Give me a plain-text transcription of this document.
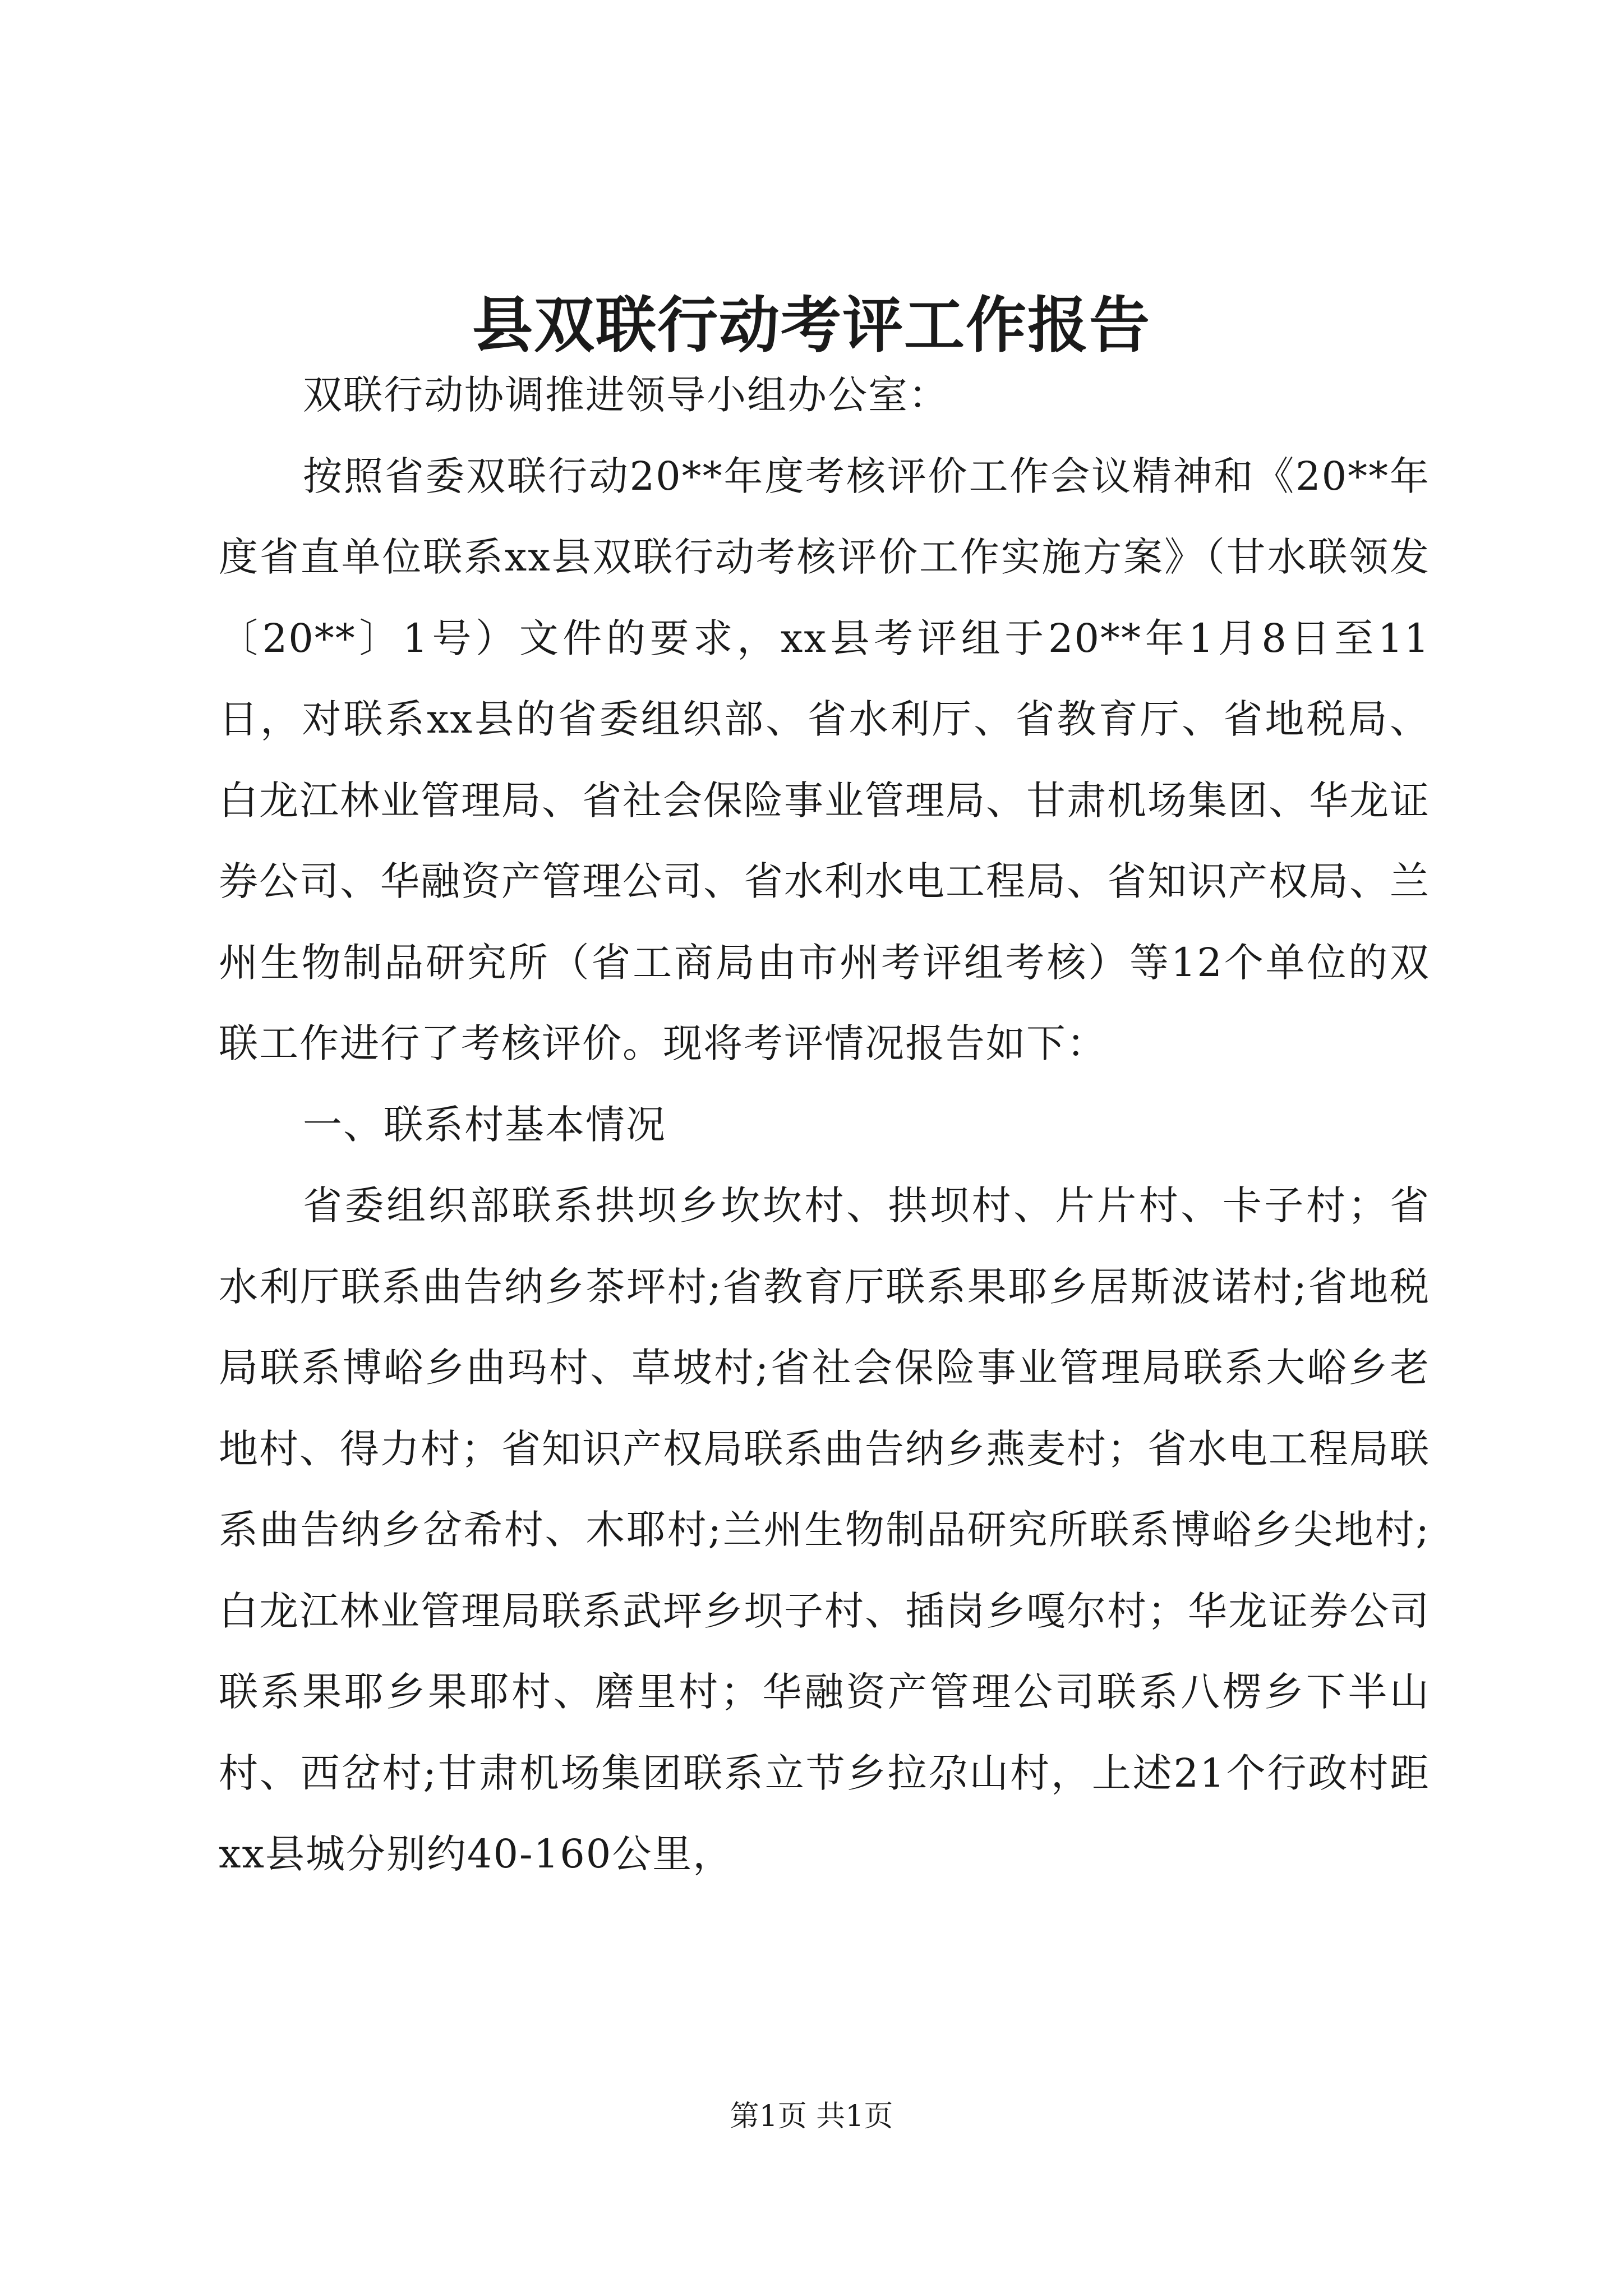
县双联行动考评工作报告

双联行动协调推进领导小组办公室：

按照省委双联行动20**年度考核评价工作会议精神和《20**年度省直单位联系xx县双联行动考核评价工作实施方案》（甘水联领发〔20**〕1号）文件的要求，xx县考评组于20**年1月8日至11日，对联系xx县的省委组织部、省水利厅、省教育厅、省地税局、白龙江林业管理局、省社会保险事业管理局、甘肃机场集团、华龙证券公司、华融资产管理公司、省水利水电工程局、省知识产权局、兰州生物制品研究所（省工商局由市州考评组考核）等12个单位的双联工作进行了考核评价。现将考评情况报告如下：

一、联系村基本情况

省委组织部联系拱坝乡坎坎村、拱坝村、片片村、卡子村；省水利厅联系曲告纳乡茶坪村;省教育厅联系果耶乡居斯波诺村;省地税局联系博峪乡曲玛村、草坡村;省社会保险事业管理局联系大峪乡老地村、得力村；省知识产权局联系曲告纳乡燕麦村；省水电工程局联系曲告纳乡岔希村、木耶村;兰州生物制品研究所联系博峪乡尖地村;白龙江林业管理局联系武坪乡坝子村、插岗乡嘎尔村；华龙证券公司联系果耶乡果耶村、磨里村；华融资产管理公司联系八楞乡下半山村、西岔村;甘肃机场集团联系立节乡拉尕山村，上述21个行政村距xx县城分别约40-160公里，

第1页 共1页
